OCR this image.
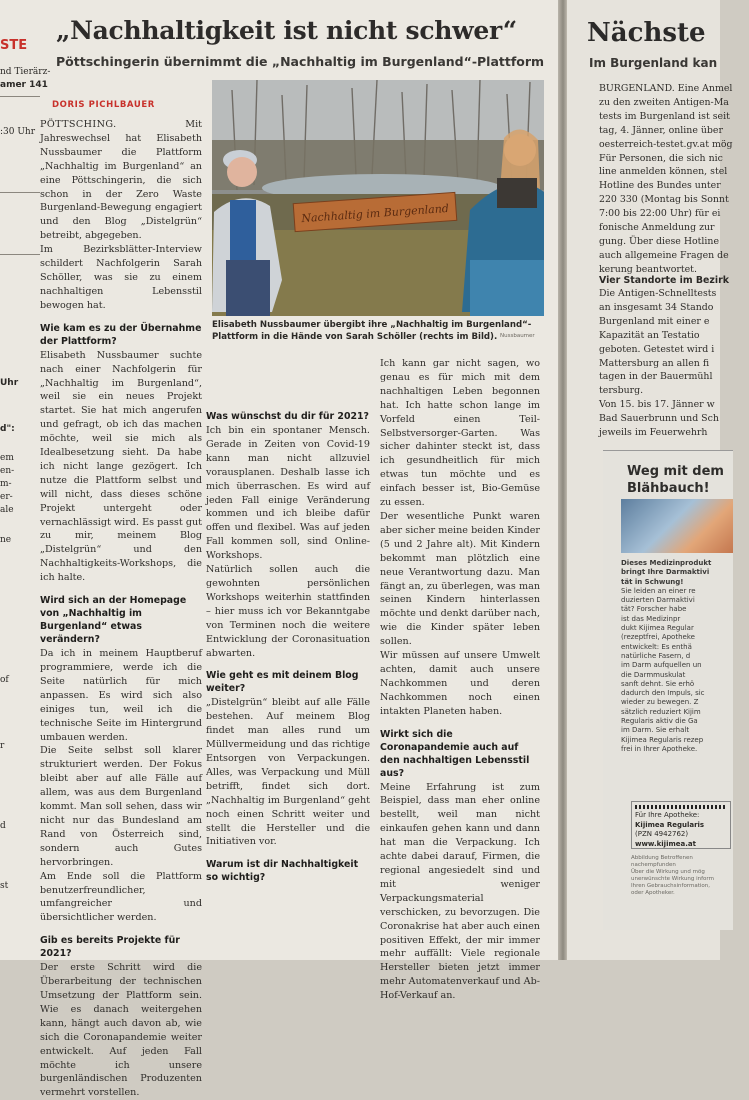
STE
nd Tierärz-
amer 141
:30 Uhr
Uhr
d":
em
en-
m-
er-
ale
ne
of
r
d
st
„Nachhaltigkeit ist nicht schwer“
Pöttschingerin übernimmt die „Nachhaltig im Burgenland“-Plattform
DORIS PICHLBAUER

PÖTTSCHING.	Mit Jahreswechsel hat Elisabeth Nussbaumer die Plattform „Nachhaltig im Burgenland“ an eine Pöttschingerin, die sich schon in der Zero Waste Burgenland-Bewegung engagiert und den Blog „Distelgrün“ betreibt, abgegeben.

Im Bezirksblätter-Interview schildert Nachfolgerin Sarah Schöller, was sie zu einem nachhaltigen Lebensstil bewogen hat.

Wie kam es zu der Übernahme der Plattform?

Elisabeth Nussbaumer suchte nach einer Nachfolgerin für „Nachhaltig im Burgenland“, weil sie ein neues Projekt startet. Sie hat mich angerufen und gefragt, ob ich das machen möchte, weil sie mich als Idealbesetzung sieht. Da habe ich nicht lange gezögert. Ich nutze die Plattform selbst und will nicht, dass dieses schöne Projekt untergeht oder vernachlässigt wird. Es passt gut zu mir, meinem Blog „Distelgrün“ und den Nachhaltigkeits-Workshops, die ich halte.

Wird sich an der Homepage von „Nachhaltig im Burgenland“ etwas verändern?

Da ich in meinem Hauptberuf programmiere, werde ich die Seite natürlich für mich anpassen. Es wird sich also einiges tun, weil ich die technische Seite im Hintergrund umbauen werden.

Die Seite selbst soll klarer strukturiert werden. Der Fokus bleibt aber auf alle Fälle auf allem, was aus dem Burgenland kommt. Man soll sehen, dass wir nicht nur das Bundesland am Rand von Österreich sind, sondern auch Gutes hervorbringen.

Am Ende soll die Plattform benutzerfreundlicher, umfangreicher und übersichtlicher werden.

Gib es bereits Projekte für 2021?

Der erste Schritt wird die Überarbeitung der technischen Umsetzung der Plattform sein. Wie es danach weitergehen kann, hängt auch davon ab, wie sich die Coronapandemie weiter entwickelt. Auf jeden Fall möchte ich unsere burgenländischen Produzenten vermehrt vorstellen.

Nachhaltig im Burgenland
Elisabeth Nussbaumer übergibt ihre „Nachhaltig im Burgenland“-Plattform in die Hände von Sarah Schöller (rechts im Bild). Nussbaumer

Was wünschst du dir für 2021?

Ich bin ein spontaner Mensch. Gerade in Zeiten von Covid-19 kann man nicht allzuviel vorausplanen. Deshalb lasse ich mich überraschen. Es wird auf jeden Fall einige Veränderung kommen und ich bleibe dafür offen und flexibel. Was auf jeden Fall kommen soll, sind Online-Workshops.

Natürlich sollen auch die gewohnten persönlichen Workshops weiterhin stattfinden – hier muss ich vor Bekanntgabe von Terminen noch die weitere Entwicklung der Coronasituation abwarten.

Wie geht es mit deinem Blog weiter?

„Distelgrün“ bleibt auf alle Fälle bestehen. Auf meinem Blog findet man alles rund um Müllvermeidung und das richtige Entsorgen von Verpackungen. Alles, was Verpackung und Müll betrifft, findet sich dort. „Nachhaltig im Burgenland“ geht noch einen Schritt weiter und stellt die Hersteller und die Initiativen vor.

Warum ist dir Nachhaltigkeit so wichtig?

Ich kann gar nicht sagen, wo genau es für mich mit dem nachhaltigen Leben begonnen hat. Ich hatte schon lange im Vorfeld einen Teil-Selbstversorger-Garten. Was sicher dahinter steckt ist, dass ich gesundheitlich für mich etwas tun möchte und es einfach besser ist, Bio-Gemüse zu essen.

Der wesentliche Punkt waren aber sicher meine beiden Kinder (5 und 2 Jahre alt). Mit Kindern bekommt man plötzlich eine neue Verantwortung dazu. Man fängt an, zu überlegen, was man seinen Kindern hinterlassen möchte und denkt darüber nach, wie die Kinder später leben sollen.

Wir müssen auf unsere Umwelt achten, damit auch unsere Nachkommen und deren Nachkommen noch einen intakten Planeten haben.

Wirkt sich die Coronapandemie auch auf den nachhaltigen Lebensstil aus?

Meine Erfahrung ist zum Beispiel, dass man eher online bestellt, weil man nicht einkaufen gehen kann und dann hat man die Verpackung. Ich achte dabei darauf, Firmen, die regional angesiedelt sind und mit weniger Verpackungsmaterial verschicken, zu bevorzugen. Die Coronakrise hat aber auch einen positiven Effekt, der mir immer mehr auffällt: Viele regionale Hersteller bieten jetzt immer mehr Automatenverkauf und Ab-Hof-Verkauf an.

Nächste
Im Burgenland kan
BURGENLAND. Eine Anmel
zu den zweiten Antigen-Ma
tests im Burgenland ist seit
tag, 4. Jänner, online über
oesterreich-testet.gv.at mög
Für Personen, die sich nic
line anmelden können, stel
Hotline des Bundes unter
220 330 (Montag bis Sonnt
7:00 bis 22:00 Uhr) für ei
fonische Anmeldung zur
gung. Über diese Hotline
auch allgemeine Fragen de
kerung beantwortet.
Vier Standorte im Bezirk
Die Antigen-Schnelltests
an insgesamt 34 Stando
Burgenland mit einer e
Kapazität an Testatio
geboten. Getestet wird i
Mattersburg an allen fi
tagen in der Bauermühl
tersburg.
Von 15. bis 17. Jänner w
Bad Sauerbrunn und Sch
jeweils im Feuerwehrh
Weg mit dem
Blähbauch!
Dieses Medizinprodukt
bringt Ihre Darmaktivi
tät in Schwung!
Sie leiden an einer re
duzierten Darmaktivi
tät? Forscher habe
ist das Medizinpr
dukt Kijimea Regular
(rezeptfrei, Apotheke
entwickelt: Es enthä
natürliche Fasern, d
im Darm aufquellen un
die Darmmuskulat
sanft dehnt. Sie erhö
dadurch den Impuls, sic
wieder zu bewegen. Z
sätzlich reduziert Kijim
Regularis aktiv die Ga
im Darm. Sie erhalt
Kijimea Regularis rezep
frei in Ihrer Apotheke.
Für Ihre Apotheke:
Kijimea Regularis
(PZN 4942762)
www.kijimea.at
Abbildung Betroffenen
nachempfunden
Über die Wirkung und mög
unerwünschte Wirkung inform
Ihren Gebrauchsinformation,
oder Apotheker.
